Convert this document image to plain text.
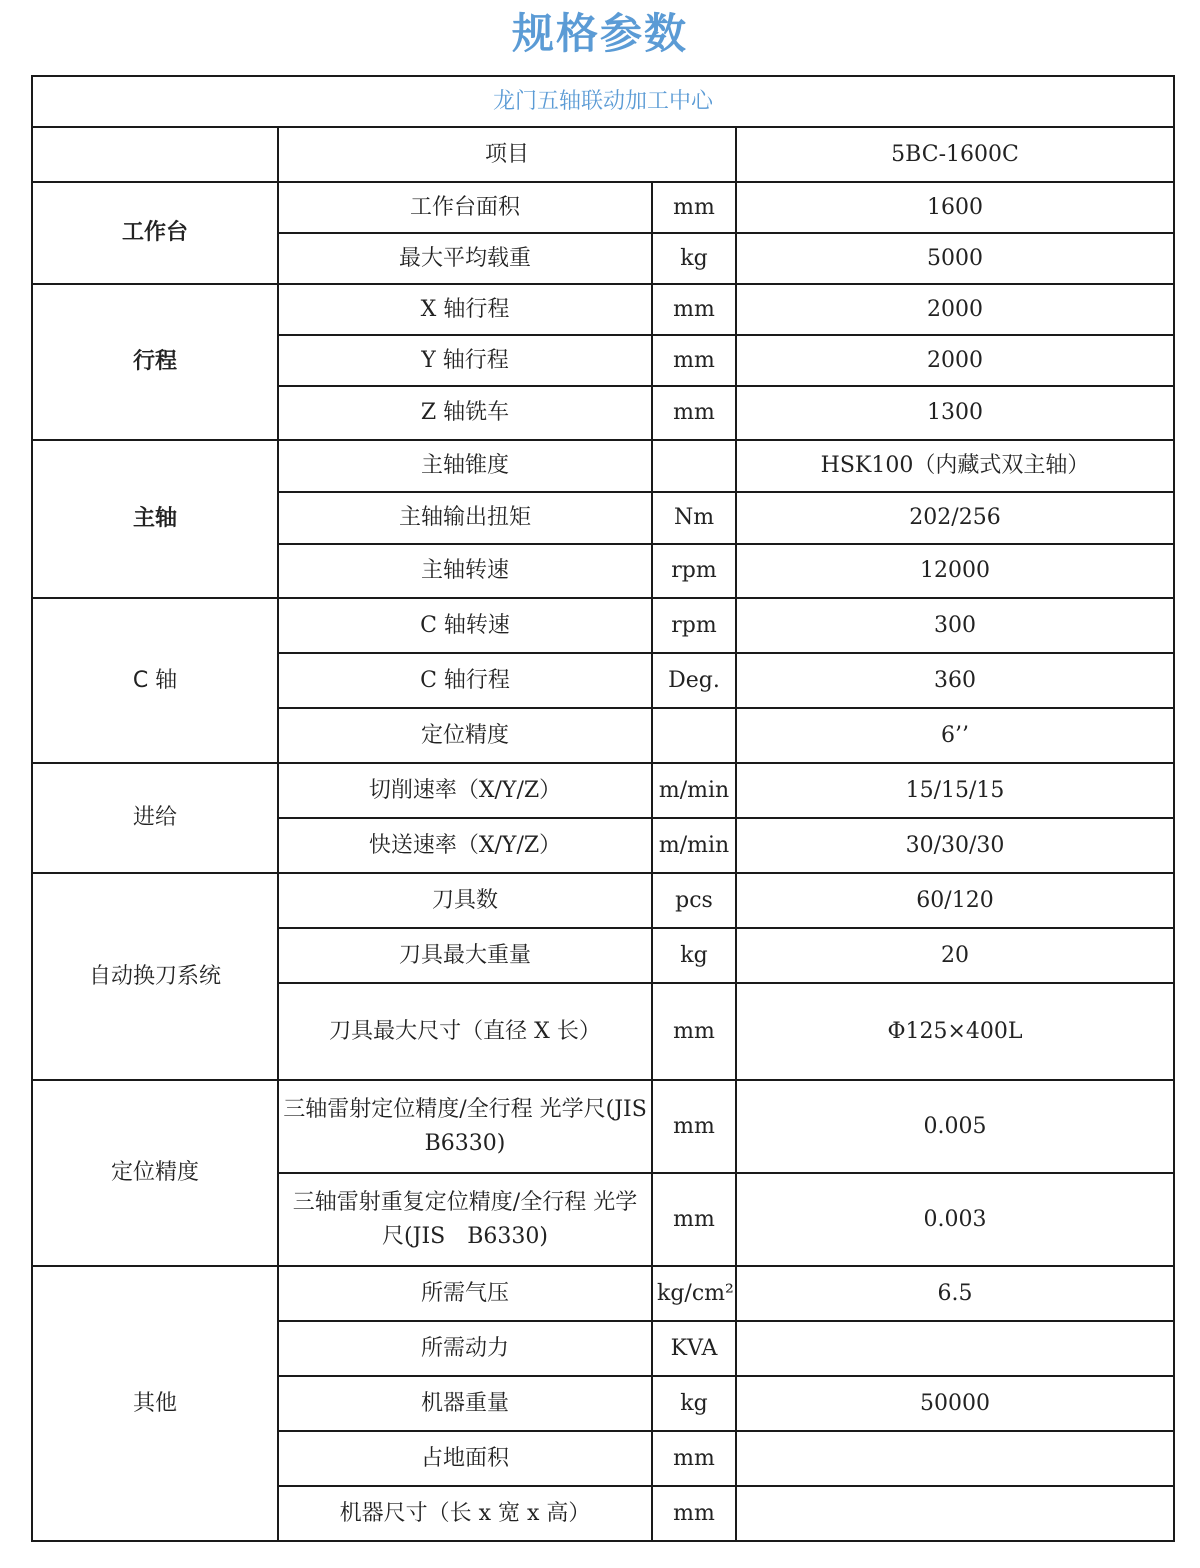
规格参数
龙门五轴联动加工中心			
	项目		5BC-1600C
工作台	工作台面积	mm	1600
	最大平均载重	kg	5000
行程	X 轴行程	mm	2000
	Y 轴行程	mm	2000
	Z 轴铣车	mm	1300
主轴	主轴锥度		HSK100（内藏式双主轴）
	主轴输出扭矩	Nm	202/256
	主轴转速	rpm	12000
C 轴	C 轴转速	rpm	300
	C 轴行程	Deg.	360
	定位精度		6’’
进给	切削速率（X/Y/Z）	m/min	15/15/15
	快送速率（X/Y/Z）	m/min	30/30/30
自动换刀系统	刀具数	pcs	60/120
	刀具最大重量	kg	20
	刀具最大尺寸（直径 X 长）	mm	Φ125×400L
定位精度	三轴雷射定位精度/全行程 光学尺(JIS　B6330)	mm	0.005
	三轴雷射重复定位精度/全行程 光学尺(JIS　B6330)	mm	0.003
其他	所需气压	kg/cm²	6.5
	所需动力	KVA	
	机器重量	kg	50000
	占地面积	mm	
	机器尺寸（长 x 宽 x 高）	mm	
